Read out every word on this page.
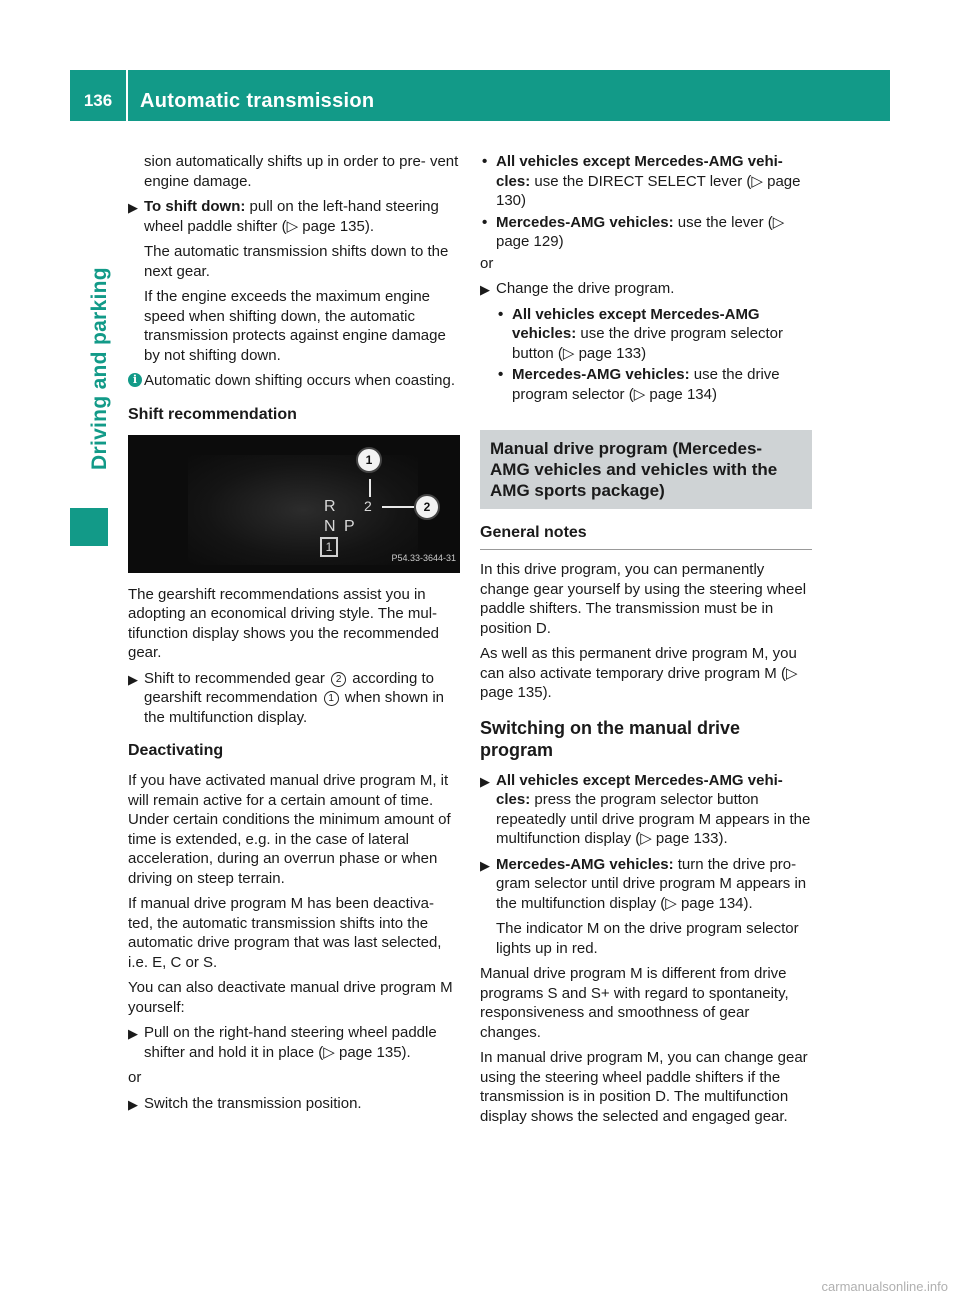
136	Automatic transmission
Driving and parking

sion automatically shifts up in order to pre- vent engine damage.

▶ To shift down: pull on the left-hand steering wheel paddle shifter (▷ page 135).

The automatic transmission shifts down to the next gear.

If the engine exceeds the maximum engine speed when shifting down, the automatic transmission protects against engine damage by not shifting down.

i Automatic down shifting occurs when coasting.
Shift recommendation
R
N P
2
1
1
2
P54.33-3644-31

The gearshift recommendations assist you in adopting an economical driving style. The mul- tifunction display shows you the recommended gear.

▶ Shift to recommended gear 2 according to gearshift recommendation 1 when shown in the multifunction display.
Deactivating

If you have activated manual drive program M, it will remain active for a certain amount of time. Under certain conditions the minimum amount of time is extended, e.g. in the case of lateral acceleration, during an overrun phase or when driving on steep terrain.

If manual drive program M has been deactiva- ted, the automatic transmission shifts into the automatic drive program that was last selected, i.e. E, C or S.

You can also deactivate manual drive program M yourself:

▶ Pull on the right-hand steering wheel paddle shifter and hold it in place (▷ page 135).

or

▶ Switch the transmission position.
• All vehicles except Mercedes-AMG vehi- cles: use the DIRECT SELECT lever (▷ page 130)
• Mercedes-AMG vehicles: use the lever (▷ page 129)

or

▶ Change the drive program.
• All vehicles except Mercedes-AMG vehicles: use the drive program selector button (▷ page 133)
• Mercedes-AMG vehicles: use the drive program selector (▷ page 134)
Manual drive program (Mercedes- AMG vehicles and vehicles with the AMG sports package)
General notes

In this drive program, you can permanently change gear yourself by using the steering wheel paddle shifters. The transmission must be in position D.

As well as this permanent drive program M, you can also activate temporary drive program M (▷ page 135).

Switching on the manual drive program
▶ All vehicles except Mercedes-AMG vehi- cles: press the program selector button repeatedly until drive program M appears in the multifunction display (▷ page 133).
▶ Mercedes-AMG vehicles: turn the drive pro- gram selector until drive program M appears in the multifunction display (▷ page 134).

The indicator M on the drive program selector lights up in red.

Manual drive program M is different from drive programs S and S+ with regard to spontaneity, responsiveness and smoothness of gear changes.

In manual drive program M, you can change gear using the steering wheel paddle shifters if the transmission is in position D. The multifunction display shows the selected and engaged gear.

carmanualsonline.info
